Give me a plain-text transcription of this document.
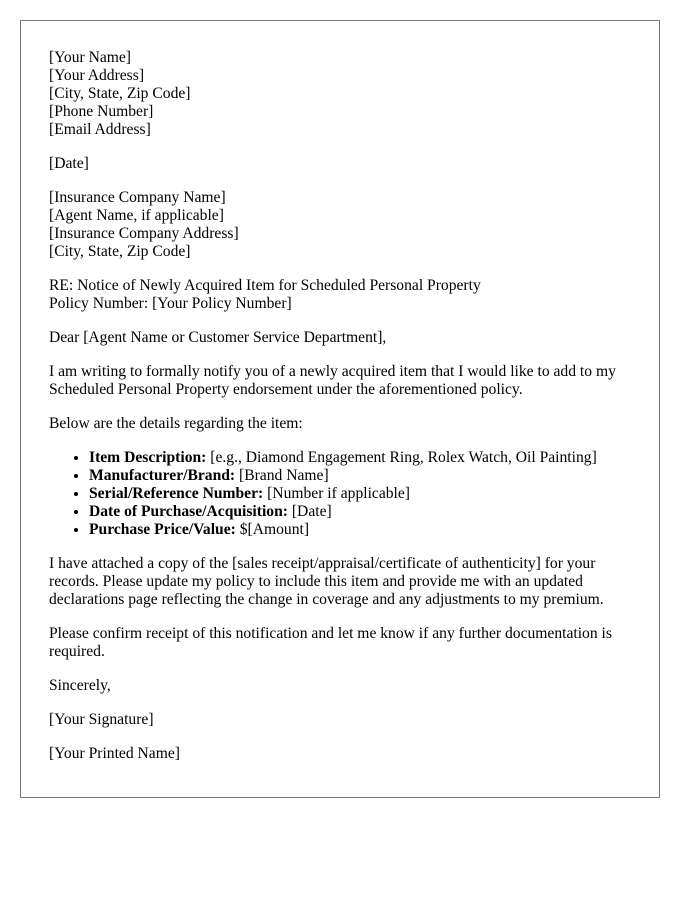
[Your Name]
[Your Address]
[City, State, Zip Code]
[Phone Number]
[Email Address]
[Date]
[Insurance Company Name]
[Agent Name, if applicable]
[Insurance Company Address]
[City, State, Zip Code]
RE: Notice of Newly Acquired Item for Scheduled Personal Property
Policy Number: [Your Policy Number]

Dear [Agent Name or Customer Service Department],

I am writing to formally notify you of a newly acquired item that I would like to add to my
Scheduled Personal Property endorsement under the aforementioned policy.

Below are the details regarding the item:

• Item Description: [e.g., Diamond Engagement Ring, Rolex Watch, Oil Painting]
• Manufacturer/Brand: [Brand Name]
• Serial/Reference Number: [Number if applicable]
• Date of Purchase/Acquisition: [Date]
• Purchase Price/Value: $[Amount]

I have attached a copy of the [sales receipt/appraisal/certificate of authenticity] for your
records. Please update my policy to include this item and provide me with an updated
declarations page reflecting the change in coverage and any adjustments to my premium.

Please confirm receipt of this notification and let me know if any further documentation is
required.

Sincerely,

[Your Signature]

[Your Printed Name]
